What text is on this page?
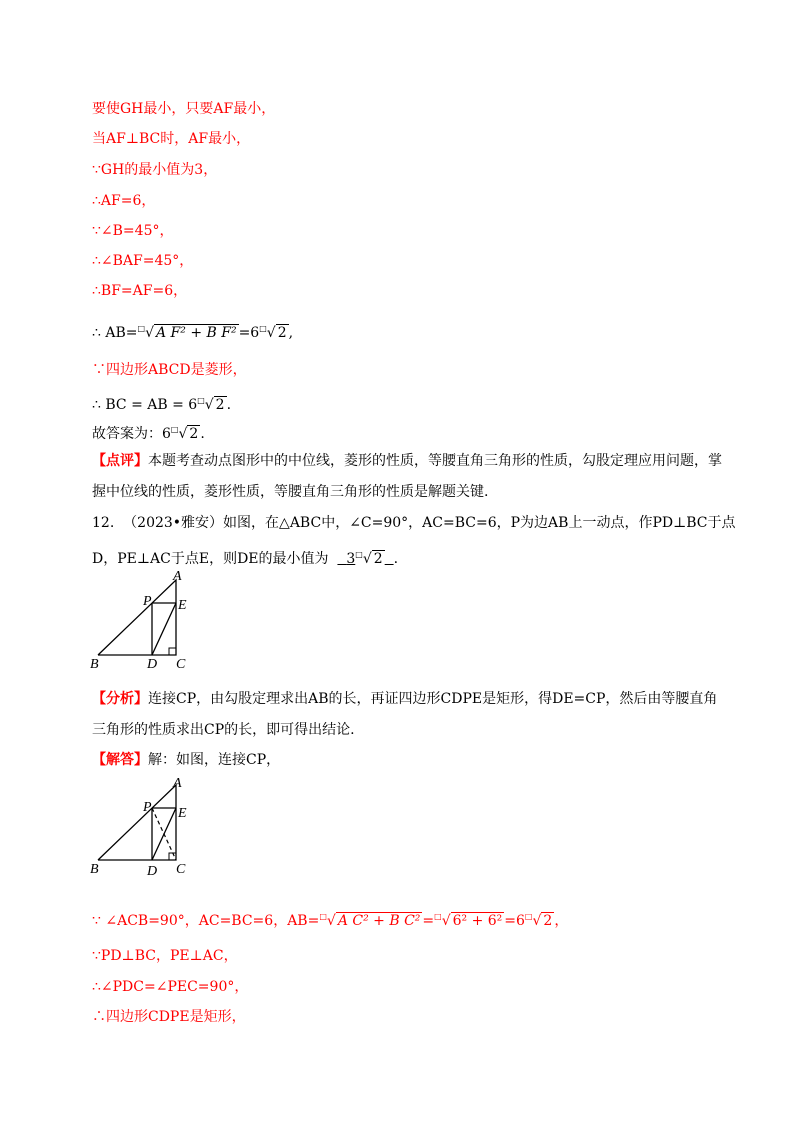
要使GH最小，只要AF最小，
当AF⊥BC时，AF最小，
∵GH的最小值为3，
∴AF=6，
∵∠B=45°，
∴∠BAF=45°，
∴BF=AF=6，
∴ AB=□√ A F² + B F² =6□√ 2 ,
∵四边形ABCD是菱形，
∴ BC = AB = 6□√ 2 .
故答案为：6□√ 2 .
【点评】本题考查动点图形中的中位线，菱形的性质，等腰直角三角形的性质，勾股定理应用问题，掌
握中位线的性质，菱形性质，等腰直角三角形的性质是解题关键.
12. （2023•雅安）如图，在△ABC中，∠C=90°，AC=BC=6，P为边AB上一动点，作PD⊥BC于点
D，PE⊥AC于点E，则DE的最小值为 3□√ 2 .
A
P E
B	D C
【分析】连接CP，由勾股定理求出AB的长，再证四边形CDPE是矩形，得DE=CP，然后由等腰直角
三角形的性质求出CP的长，即可得出结论.
【解答】解：如图，连接CP，
A
P E
B	D C
∵ ∠ACB=90°，AC=BC=6，AB=□√ A C² + B C² =□√ 6² + 6² =6□√ 2 ，
∵PD⊥BC，PE⊥AC，
∴∠PDC=∠PEC=90°，
∴四边形CDPE是矩形，
